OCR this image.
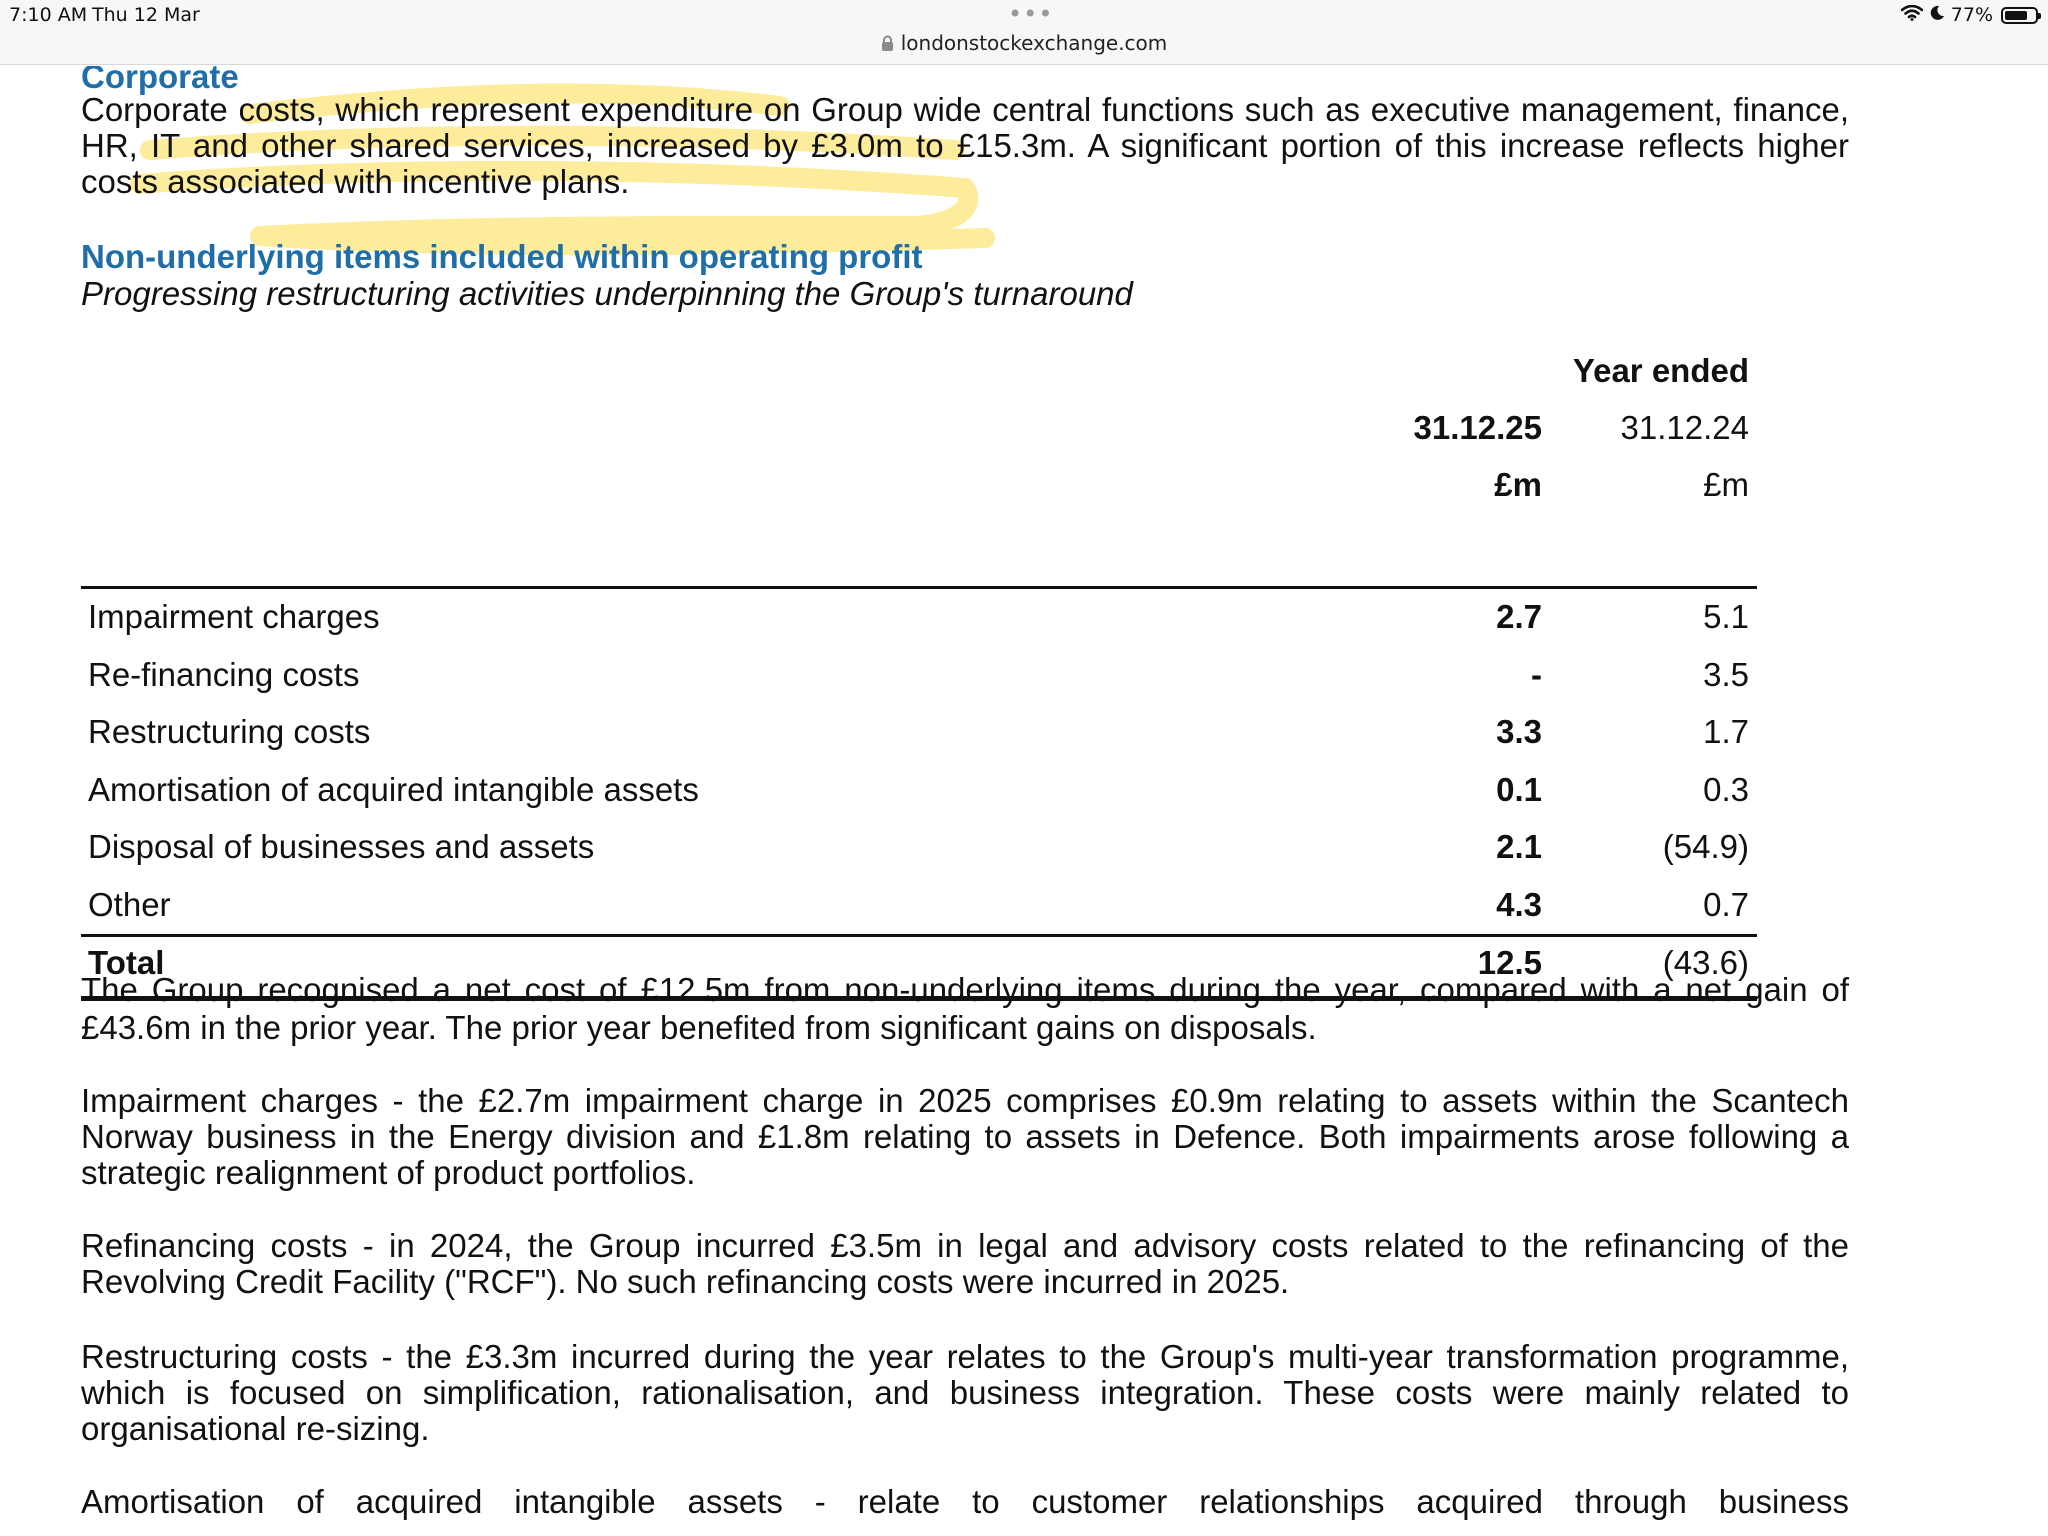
7:10 AM Thu 12 Mar	•••
londonstockexchange.com
77%
Corporate
Corporate costs, which represent expenditure on Group wide central functions such as executive management, finance, HR, IT and other shared services, increased by £3.0m to £15.3m. A significant portion of this increase reflects higher costs associated with incentive plans.
Non-underlying items included within operating profit
Progressing restructuring activities underpinning the Group's turnaround
Year ended
31.12.25 31.12.24
£m	£m
Impairment charges	2.7	5.1
Re-financing costs	-	3.5
Restructuring costs	3.3	1.7
Amortisation of acquired intangible assets	0.1	0.3
Disposal of businesses and assets	2.1	(54.9)
Other	4.3	0.7
Total	12.5	(43.6)
The Group recognised a net cost of £12.5m from non-underlying items during the year, compared with a net gain of £43.6m in the prior year. The prior year benefited from significant gains on disposals.
Impairment charges - the £2.7m impairment charge in 2025 comprises £0.9m relating to assets within the Scantech Norway business in the Energy division and £1.8m relating to assets in Defence. Both impairments arose following a strategic realignment of product portfolios.
Refinancing costs - in 2024, the Group incurred £3.5m in legal and advisory costs related to the refinancing of the Revolving Credit Facility ("RCF"). No such refinancing costs were incurred in 2025.
Restructuring costs - the £3.3m incurred during the year relates to the Group's multi-year transformation programme, which is focused on simplification, rationalisation, and business integration. These costs were mainly related to organisational re-sizing.
Amortisation of acquired intangible assets - relate to customer relationships acquired through business
